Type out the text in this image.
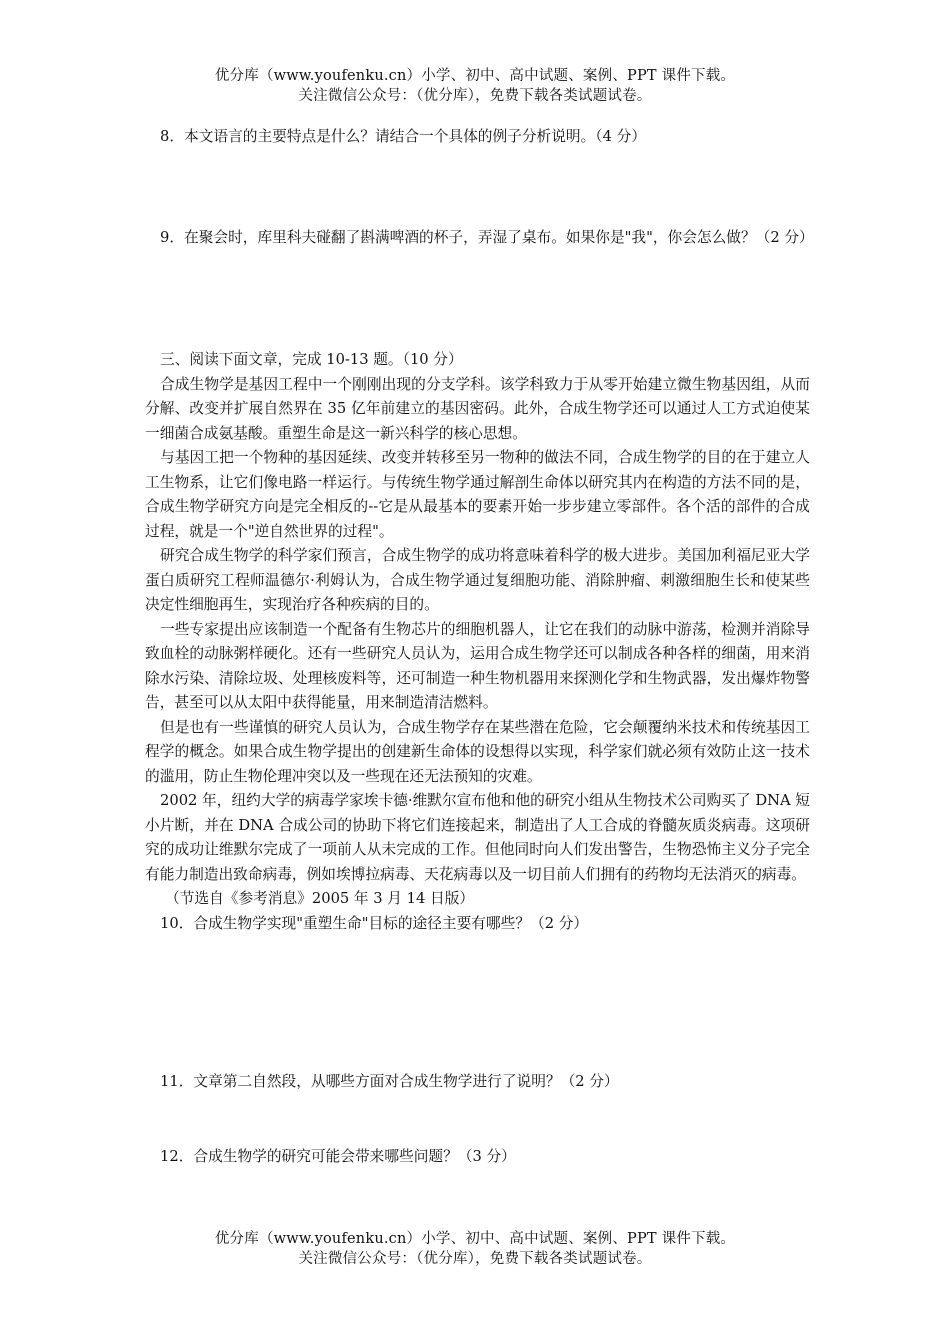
优分库（www.youfenku.cn）小学、初中、高中试题、案例、PPT 课件下载。
关注微信公众号：（优分库），免费下载各类试题试卷。
8．本文语言的主要特点是什么？请结合一个具体的例子分析说明。（4 分）
9．在聚会时，库里科夫碰翻了斟满啤酒的杯子，弄湿了桌布。如果你是"我"，你会怎么做？（2 分）

三、阅读下面文章，完成 10-13 题。（10 分）

合成生物学是基因工程中一个刚刚出现的分支学科。该学科致力于从零开始建立微生物基因组，从而分解、改变并扩展自然界在 35 亿年前建立的基因密码。此外，合成生物学还可以通过人工方式迫使某一细菌合成氨基酸。重塑生命是这一新兴科学的核心思想。

与基因工把一个物种的基因延续、改变并转移至另一物种的做法不同，合成生物学的目的在于建立人工生物系，让它们像电路一样运行。与传统生物学通过解剖生命体以研究其内在构造的方法不同的是，合成生物学研究方向是完全相反的--它是从最基本的要素开始一步步建立零部件。各个活的部件的合成过程，就是一个"逆自然世界的过程"。

研究合成生物学的科学家们预言，合成生物学的成功将意味着科学的极大进步。美国加利福尼亚大学蛋白质研究工程师温德尔·利姆认为，合成生物学通过复细胞功能、消除肿瘤、刺激细胞生长和使某些决定性细胞再生，实现治疗各种疾病的目的。

一些专家提出应该制造一个配备有生物芯片的细胞机器人，让它在我们的动脉中游荡，检测并消除导致血栓的动脉粥样硬化。还有一些研究人员认为，运用合成生物学还可以制成各种各样的细菌，用来消除水污染、清除垃圾、处理核废料等，还可制造一种生物机器用来探测化学和生物武器，发出爆炸物警告，甚至可以从太阳中获得能量，用来制造清洁燃料。

但是也有一些谨慎的研究人员认为，合成生物学存在某些潜在危险，它会颠覆纳米技术和传统基因工程学的概念。如果合成生物学提出的创建新生命体的设想得以实现，科学家们就必须有效防止这一技术的滥用，防止生物伦理冲突以及一些现在还无法预知的灾难。

2002 年，纽约大学的病毒学家埃卡德·维默尔宣布他和他的研究小组从生物技术公司购买了 DNA 短小片断，并在 DNA 合成公司的协助下将它们连接起来，制造出了人工合成的脊髓灰质炎病毒。这项研究的成功让维默尔完成了一项前人从未完成的工作。但他同时向人们发出警告，生物恐怖主义分子完全有能力制造出致命病毒，例如埃博拉病毒、天花病毒以及一切目前人们拥有的药物均无法消灭的病毒。

（节选自《参考消息》2005 年 3 月 14 日版）

10．合成生物学实现"重塑生命"目标的途径主要有哪些？（2 分）

11．文章第二自然段，从哪些方面对合成生物学进行了说明？（2 分）
12．合成生物学的研究可能会带来哪些问题？（3 分）
优分库（www.youfenku.cn）小学、初中、高中试题、案例、PPT 课件下载。
关注微信公众号：（优分库），免费下载各类试题试卷。
